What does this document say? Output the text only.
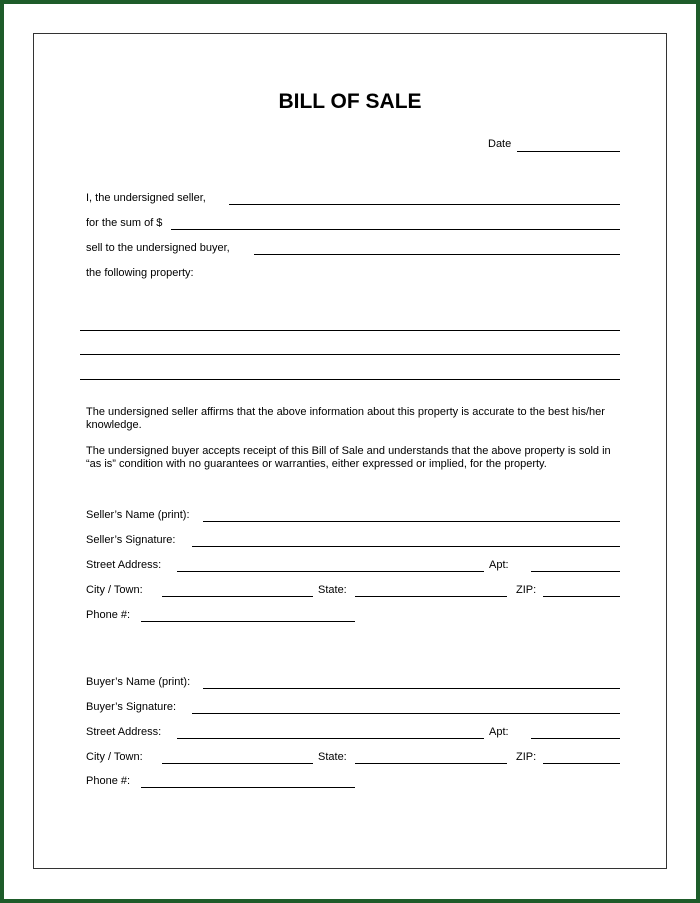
BILL OF SALE
Date
I, the undersigned seller,
for the sum of $
sell to the undersigned buyer,
the following property:
The undersigned seller affirms that the above information about this property is accurate to the best his/her knowledge.
The undersigned buyer accepts receipt of this Bill of Sale and understands that the above property is sold in “as is” condition with no guarantees or warranties, either expressed or implied, for the property.
Seller’s Name (print):
Seller’s Signature:
Street Address:	Apt:
City / Town:	State:	ZIP:
Phone #:
Buyer’s Name (print):
Buyer’s Signature:
Street Address:	Apt:
City / Town:	State:	ZIP:
Phone #:
